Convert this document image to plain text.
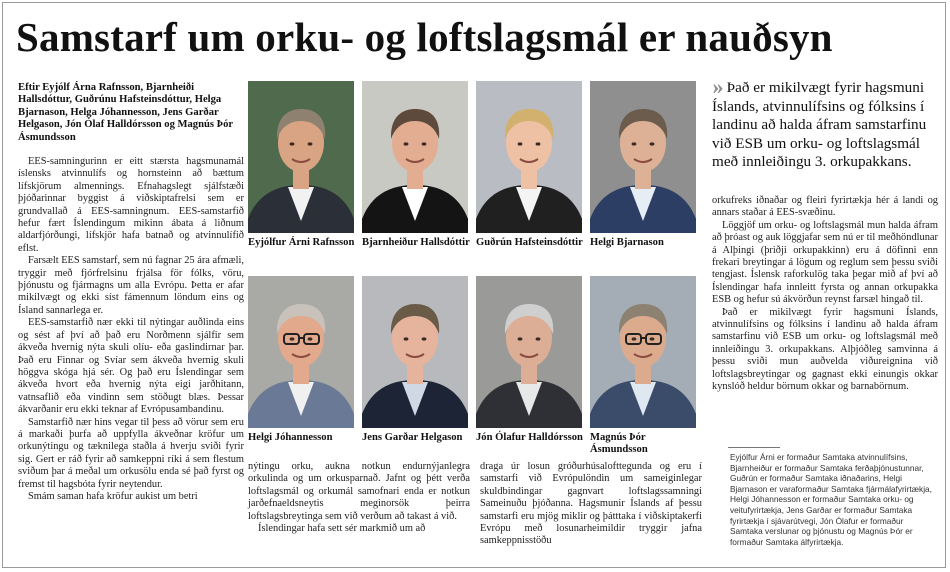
Samstarf um orku- og loftslagsmál er nauðsyn

Eftir Eyjólf Árna Rafnsson, Bjarnheiði Hallsdóttur, Guðrúnu Hafsteinsdóttur, Helga Bjarnason, Helga Jóhannesson, Jens Garðar Helgason, Jón Ólaf Halldórsson og Magnús Þór Ásmundsson

EES-samningurinn er eitt stærsta hagsmunamál íslensks atvinnulífs og hornsteinn að bættum lífskjörum almennings. Efnahagslegt sjálfstæði þjóðarinnar byggist á viðskiptafrelsi sem er grundvallað á EES-samningnum. EES-samstarfið hefur fært Íslendingum mikinn ábata á liðnum aldarfjórðungi, lífskjör hafa batnað og atvinnulífið eflst.

Farsælt EES samstarf, sem nú fagnar 25 ára afmæli, tryggir með fjórfrelsinu frjálsa för fólks, vöru, þjónustu og fjármagns um alla Evrópu. Þetta er afar mikilvægt og ekki síst fámennum löndum eins og Ísland sannarlega er.

EES-samstarfið nær ekki til nýtingar auðlinda eins og sést af því að það eru Norðmenn sjálfir sem ákveða hvernig nýta skuli olíu- eða gaslindirnar þar. Það eru Finnar og Svíar sem ákveða hvernig skuli höggva skóga hjá sér. Og það eru Íslendingar sem ákveða hvort eða hvernig nýta eigi jarðhitann, vatnsaflið eða vindinn sem stöðugt blæs. Þessar ákvarðanir eru ekki teknar af Evrópusambandinu.

Samstarfið nær hins vegar til þess að vörur sem eru á markaði þurfa að uppfylla ákveðnar kröfur um orkunýtingu og tæknilega staðla á hverju sviði fyrir sig. Gert er ráð fyrir að samkeppni ríki á sem flestum sviðum þar á meðal um orkusölu enda sé það fyrst og fremst til hagsbóta fyrir neytendur.

Smám saman hafa kröfur aukist um betri

Eyjólfur Árni Rafnsson Bjarnheiður Hallsdóttir Guðrún Hafsteinsdóttir Helgi Bjarnason

Helgi Jóhannesson	Jens Garðar Helgason	Jón Ólafur Halldórsson Magnús Þór Ásmundsson

nýtingu orku, aukna notkun endurnýjanlegra orkulinda og um orkusparnað. Jafnt og þétt verða loftslagsmál og orkumál samofnari enda er notkun jarðefnaeldsneytis meginorsök þeirra loftslagsbreytinga sem við verðum að takast á við.

Íslendingar hafa sett sér markmið um að

draga úr losun gróðurhúsalofttegunda og eru í samstarfi við Evrópulöndin um sameiginlegar skuldbindingar gagnvart loftslagssamningi Sameinuðu þjóðanna. Hagsmunir Íslands af þessu samstarfi eru mjög miklir og þátttaka í viðskiptakerfi Evrópu með losunarheimildir tryggir jafna samkeppnisstöðu

›› Það er mikilvægt fyrir hagsmuni Íslands, atvinnulífsins og fólksins í landinu að halda áfram samstarfinu við ESB um orku- og loftslagsmál með innleiðingu 3. orkupakkans.

orkufreks iðnaðar og fleiri fyrirtækja hér á landi og annars staðar á EES-svæðinu.

Löggjöf um orku- og loftslagsmál mun halda áfram að þróast og auk löggjafar sem nú er til meðhöndlunar á Alþingi (þriðji orkupakkinn) eru á döfinni enn frekari breytingar á lögum og reglum sem þessu sviði tengjast. Íslensk raforkulög taka þegar mið af því að Íslendingar hafa innleitt fyrsta og annan orkupakka ESB og hefur sú ákvörðun reynst farsæl hingað til.

Það er mikilvægt fyrir hagsmuni Íslands, atvinnulífsins og fólksins í landinu að halda áfram samstarfinu við ESB um orku- og loftslagsmál með innleiðingu 3. orkupakkans. Alþjóðleg samvinna á þessu sviði mun auðvelda viðureignina við loftslagsbreytingar og gagnast ekki einungis okkar kynslóð heldur börnum okkar og barnabörnum.

Eyjólfur Árni er formaður Samtaka atvinnulífsins, Bjarnheiður er formaður Samtaka ferðaþjónustunnar, Guðrún er formaður Samtaka iðnaðarins, Helgi Bjarnason er varaformaður Samtaka fjármálafyrirtækja, Helgi Jóhannesson er formaður Samtaka orku- og veitufyrirtækja, Jens Garðar er formaður Samtaka fyrirtækja í sjávarútvegi, Jón Ólafur er formaður Samtaka verslunar og þjónustu og Magnús Þór er formaður Samtaka álfyrirtækja.
